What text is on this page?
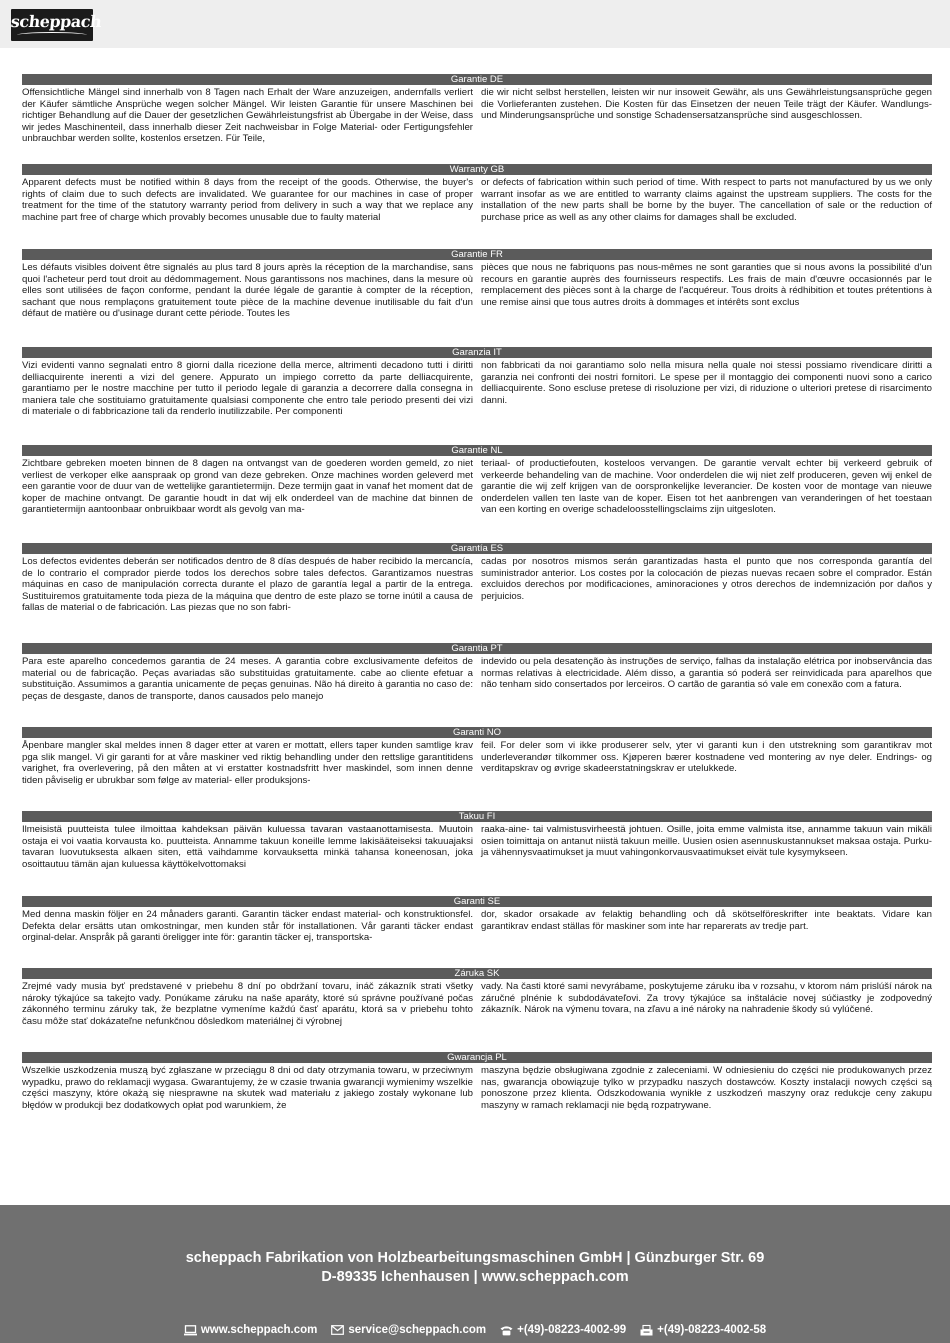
scheppach
Garantie DE
Offensichtliche Mängel sind innerhalb von 8 Tagen nach Erhalt der Ware anzuzeigen, andernfalls verliert der Käufer sämtliche Ansprüche wegen solcher Mängel. Wir leisten Garantie für unsere Maschinen bei richtiger Behandlung auf die Dauer der gesetzlichen Gewährleistungsfrist ab Übergabe in der Weise, dass wir jedes Maschinenteil, dass innerhalb dieser Zeit nachweisbar in Folge Material- oder Fertigungsfehler unbrauchbar werden sollte, kostenlos ersetzen. Für Teile,
die wir nicht selbst herstellen, leisten wir nur insoweit Gewähr, als uns Gewährleistungsansprüche gegen die Vorlieferanten zustehen. Die Kosten für das Einsetzen der neuen Teile trägt der Käufer. Wandlungs- und Minderungsansprüche und sonstige Schadensersatzansprüche sind ausgeschlossen.
Warranty GB
Apparent defects must be notified within 8 days from the receipt of the goods. Otherwise, the buyer's rights of claim due to such defects are invalidated. We guarantee for our machines in case of proper treatment for the time of the statutory warranty period from delivery in such a way that we replace any machine part free of charge which provably becomes unusable due to faulty material
or defects of fabrication within such period of time. With respect to parts not manufactured by us we only warrant insofar as we are entitled to warranty claims against the upstream suppliers. The costs for the installation of the new parts shall be borne by the buyer. The cancellation of sale or the reduction of purchase price as well as any other claims for damages shall be excluded.
Garantie FR
Les défauts visibles doivent être signalés au plus tard 8 jours après la réception de la marchandise, sans quoi l'acheteur perd tout droit au dédommagement. Nous garantissons nos machines, dans la mesure où elles sont utilisées de façon conforme, pendant la durée légale de garantie à compter de la réception, sachant que nous remplaçons gratuitement toute pièce de la machine devenue inutilisable du fait d'un défaut de matière ou d'usinage durant cette période. Toutes les
pièces que nous ne fabriquons pas nous-mêmes ne sont garanties que si nous avons la possibilité d'un recours en garantie auprès des fournisseurs respectifs. Les frais de main d'œuvre occasionnés par le remplacement des pièces sont à la charge de l'acquéreur. Tous droits à rédhibition et toutes prétentions à une remise ainsi que tous autres droits à dommages et intérêts sont exclus
Garanzia IT
Vizi evidenti vanno segnalati entro 8 giorni dalla ricezione della merce, altrimenti decadono tutti i diritti delliacquirente inerenti a vizi del genere. Appurato un impiego corretto da parte delliacquirente, garantiamo per le nostre macchine per tutto il periodo legale di garanzia a decorrere dalla consegna in maniera tale che sostituiamo gratuitamente qualsiasi componente che entro tale periodo presenti dei vizi di materiale o di fabbricazione tali da renderlo inutilizzabile. Per componenti
non fabbricati da noi garantiamo solo nella misura nella quale noi stessi possiamo rivendicare diritti a garanzia nei confronti dei nostri fornitori. Le spese per il montaggio dei componenti nuovi sono a carico delliacquirente. Sono escluse pretese di risoluzione per vizi, di riduzione o ulteriori pretese di risarcimento danni.
Garantie NL
Zichtbare gebreken moeten binnen de 8 dagen na ontvangst van de goederen worden gemeld, zo niet verliest de verkoper elke aanspraak op grond van deze gebreken. Onze machines worden geleverd met een garantie voor de duur van de wettelijke garantietermijn. Deze termijn gaat in vanaf het moment dat de koper de machine ontvangt. De garantie houdt in dat wij elk onderdeel van de machine dat binnen de garantietermijn aantoonbaar onbruikbaar wordt als gevolg van ma-
teriaal- of productiefouten, kosteloos vervangen. De garantie vervalt echter bij verkeerd gebruik of verkeerde behandeling van de machine. Voor onderdelen die wij niet zelf produceren, geven wij enkel de garantie die wij zelf krijgen van de oorspronkelijke leverancier. De kosten voor de montage van nieuwe onderdelen vallen ten laste van de koper. Eisen tot het aanbrengen van veranderingen of het toestaan van een korting en overige schadeloosstellingsclaims zijn uitgesloten.
Garantía ES
Los defectos evidentes deberán ser notificados dentro de 8 días después de haber recibido la mercancía, de lo contrario el comprador pierde todos los derechos sobre tales defectos. Garantizamos nuestras máquinas en caso de manipulación correcta durante el plazo de garantía legal a partir de la entrega. Sustituiremos gratuitamente toda pieza de la máquina que dentro de este plazo se torne inútil a causa de fallas de material o de fabricación. Las piezas que no son fabri-
cadas por nosotros mismos serán garantizadas hasta el punto que nos corresponda garantía del suministrador anterior. Los costes por la colocación de piezas nuevas recaen sobre el comprador. Están excluidos derechos por modificaciones, aminoraciones y otros derechos de indemnización por daños y perjuicios.
Garantia PT
Para este aparelho concedemos garantia de 24 meses. A garantia cobre exclusivamente defeitos de material ou de fabricação. Peças avariadas são substituidas gratuitamente. cabe ao cliente efetuar a substituição. Assumimos a garantia unicamente de peças genuinas. Não há direito à garantia no caso de: peças de desgaste, danos de transporte, danos causados pelo manejo
indevido ou pela desatenção às instruções de serviço, falhas da instalação elétrica por inobservância das normas relativas à electricidade. Além disso, a garantia só poderá ser reinvidicada para aparelhos que não tenham sido consertados por lerceiros. O cartão de garantia só vale em conexão com a fatura.
Garanti NO
Åpenbare mangler skal meldes innen 8 dager etter at varen er mottatt, ellers taper kunden samtlige krav pga slik mangel. Vi gir garanti for at våre maskiner ved riktig behandling under den rettslige garantitidens varighet, fra overlevering, på den måten at vi erstatter kostnadsfritt hver maskindel, som innen denne tiden påviselig er ubrukbar som følge av material- eller produksjons-
feil. For deler som vi ikke produserer selv, yter vi garanti kun i den utstrekning som garantikrav mot underleverandør tilkommer oss. Kjøperen bærer kostnadene ved montering av nye deler. Endrings- og verditapskrav og øvrige skadeerstatningskrav er utelukkede.
Takuu FI
Ilmeisistä puutteista tulee ilmoittaa kahdeksan päivän kuluessa tavaran vastaanottamisesta. Muutoin ostaja ei voi vaatia korvausta ko. puutteista. Annamme takuun koneille lemme lakisääteiseksi takuuajaksi tavaran luovutuksesta alkaen siten, että vaihdamme korvauksetta minkä tahansa koneenosan, joka osoittautuu tämän ajan kuluessa käyttökelvottomaksi
raaka-aine- tai valmistusvirheestä johtuen. Osille, joita emme valmista itse, annamme takuun vain mikäli osien toimittaja on antanut niistä takuun meille. Uusien osien asennuskustannukset maksaa ostaja. Purku- ja vähennysvaatimukset ja muut vahingonkorvausvaatimukset eivät tule kysymykseen.
Garanti SE
Med denna maskin följer en 24 månaders garanti. Garantin täcker endast material- och konstruktionsfel. Defekta delar ersätts utan omkostningar, men kunden står för installationen. Vår garanti täcker endast orginal-delar. Anspråk på garanti öreligger inte för: garantin täcker ej, transportska-
dor, skador orsakade av felaktig behandling och då skötselföreskrifter inte beaktats. Vidare kan garantikrav endast ställas för maskiner som inte har reparerats av tredje part.
Záruka SK
Zrejmé vady musia byť predstavené v priebehu 8 dní po obdržaní tovaru, ináč zákazník strati všetky nároky týkajúce sa takejto vady. Ponúkame záruku na naše aparáty, ktoré sú správne používané počas zákonného terminu záruky tak, že bezplatne vymeníme každú časť aparátu, ktorá sa v priebehu tohto času môže stať dokázateľne nefunkčnou dôsledkom materiálnej či výrobnej
vady. Na časti ktoré sami nevyrábame, poskytujeme záruku iba v rozsahu, v ktorom nám prislúší nárok na záručné plnénie k subdodávateľovi. Za trovy týkajúce sa inštalácie novej súčiastky je zodpovedný zákazník. Nárok na výmenu tovara, na zľavu a iné nároky na nahradenie škody sú vylúčené.
Gwarancja PL
Wszelkie uszkodzenia muszą być zgłaszane w przeciągu 8 dni od daty otrzymania towaru, w przeciwnym wypadku, prawo do reklamacji wygasa. Gwarantujemy, że w czasie trwania gwarancji wymienimy wszelkie części maszyny, które okażą się niesprawne na skutek wad materiału z jakiego zostały wykonane lub błędów w produkcji bez dodatkowych opłat pod warunkiem, że
maszyna będzie obsługiwana zgodnie z zaleceniami. W odniesieniu do części nie produkowanych przez nas, gwarancja obowiązuje tylko w przypadku naszych dostawców. Koszty instalacji nowych części są ponoszone przez klienta. Odszkodowania wynikłe z uszkodzeń maszyny oraz redukcje ceny zakupu maszyny w ramach reklamacji nie będą rozpatrywane.
scheppach Fabrikation von Holzbearbeitungsmaschinen GmbH | Günzburger Str. 69
D-89335 Ichenhausen | www.scheppach.com
www.scheppach.com	service@scheppach.com	+(49)-08223-4002-99	+(49)-08223-4002-58
